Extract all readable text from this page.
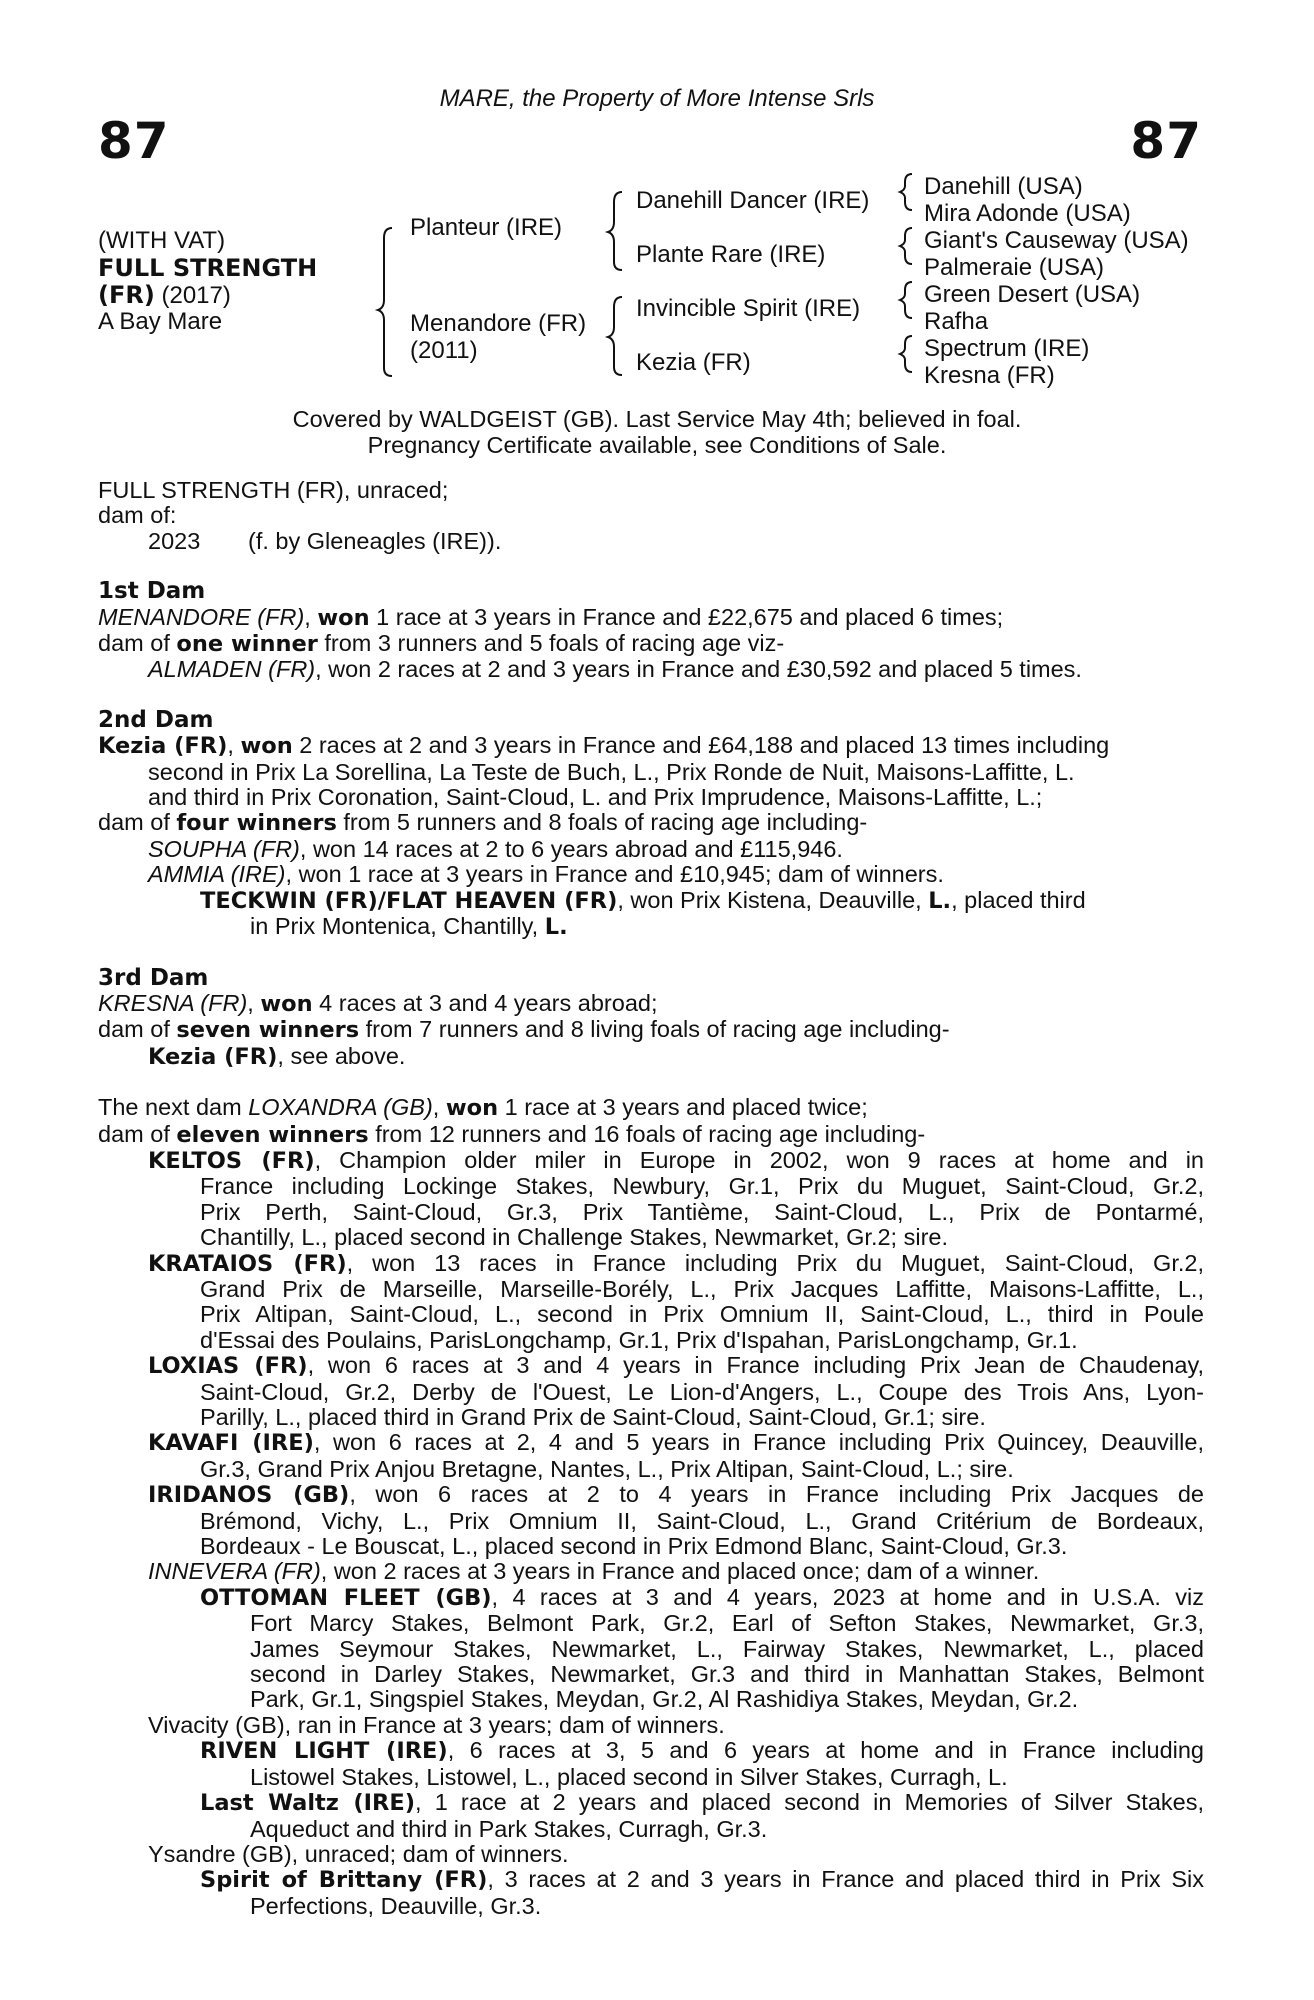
MARE, the Property of More Intense Srls
87	87
(WITH VAT)
FULL STRENGTH
(FR) (2017)
A Bay Mare
Planteur (IRE)
Menandore (FR)
(2011)
Danehill Dancer (IRE)
Plante Rare (IRE)
Invincible Spirit (IRE)
Kezia (FR)
Danehill (USA)
Mira Adonde (USA)
Giant's Causeway (USA)
Palmeraie (USA)
Green Desert (USA)
Rafha
Spectrum (IRE)
Kresna (FR)
Covered by WALDGEIST (GB). Last Service May 4th; believed in foal.
Pregnancy Certificate available, see Conditions of Sale.
FULL STRENGTH (FR), unraced;
dam of:
2023 (f. by Gleneagles (IRE)).
1st Dam
MENANDORE (FR), won 1 race at 3 years in France and £22,675 and placed 6 times;
dam of one winner from 3 runners and 5 foals of racing age viz-
ALMADEN (FR), won 2 races at 2 and 3 years in France and £30,592 and placed 5 times.
2nd Dam
Kezia (FR), won 2 races at 2 and 3 years in France and £64,188 and placed 13 times including
second in Prix La Sorellina, La Teste de Buch, L., Prix Ronde de Nuit, Maisons-Laffitte, L.
and third in Prix Coronation, Saint-Cloud, L. and Prix Imprudence, Maisons-Laffitte, L.;
dam of four winners from 5 runners and 8 foals of racing age including-
SOUPHA (FR), won 14 races at 2 to 6 years abroad and £115,946.
AMMIA (IRE), won 1 race at 3 years in France and £10,945; dam of winners.
TECKWIN (FR)/FLAT HEAVEN (FR), won Prix Kistena, Deauville, L., placed third
in Prix Montenica, Chantilly, L.
3rd Dam
KRESNA (FR), won 4 races at 3 and 4 years abroad;
dam of seven winners from 7 runners and 8 living foals of racing age including-
Kezia (FR), see above.
The next dam LOXANDRA (GB), won 1 race at 3 years and placed twice;
dam of eleven winners from 12 runners and 16 foals of racing age including-
KELTOS (FR), Champion older miler in Europe in 2002, won 9 races at home and in
France including Lockinge Stakes, Newbury, Gr.1, Prix du Muguet, Saint-Cloud, Gr.2,
Prix Perth, Saint-Cloud, Gr.3, Prix Tantième, Saint-Cloud, L., Prix de Pontarmé,
Chantilly, L., placed second in Challenge Stakes, Newmarket, Gr.2; sire.
KRATAIOS (FR), won 13 races in France including Prix du Muguet, Saint-Cloud, Gr.2,
Grand Prix de Marseille, Marseille-Borély, L., Prix Jacques Laffitte, Maisons-Laffitte, L.,
Prix Altipan, Saint-Cloud, L., second in Prix Omnium II, Saint-Cloud, L., third in Poule
d'Essai des Poulains, ParisLongchamp, Gr.1, Prix d'Ispahan, ParisLongchamp, Gr.1.
LOXIAS (FR), won 6 races at 3 and 4 years in France including Prix Jean de Chaudenay,
Saint-Cloud, Gr.2, Derby de l'Ouest, Le Lion-d'Angers, L., Coupe des Trois Ans, Lyon-
Parilly, L., placed third in Grand Prix de Saint-Cloud, Saint-Cloud, Gr.1; sire.
KAVAFI (IRE), won 6 races at 2, 4 and 5 years in France including Prix Quincey, Deauville,
Gr.3, Grand Prix Anjou Bretagne, Nantes, L., Prix Altipan, Saint-Cloud, L.; sire.
IRIDANOS (GB), won 6 races at 2 to 4 years in France including Prix Jacques de
Brémond, Vichy, L., Prix Omnium II, Saint-Cloud, L., Grand Critérium de Bordeaux,
Bordeaux - Le Bouscat, L., placed second in Prix Edmond Blanc, Saint-Cloud, Gr.3.
INNEVERA (FR), won 2 races at 3 years in France and placed once; dam of a winner.
OTTOMAN FLEET (GB), 4 races at 3 and 4 years, 2023 at home and in U.S.A. viz
Fort Marcy Stakes, Belmont Park, Gr.2, Earl of Sefton Stakes, Newmarket, Gr.3,
James Seymour Stakes, Newmarket, L., Fairway Stakes, Newmarket, L., placed
second in Darley Stakes, Newmarket, Gr.3 and third in Manhattan Stakes, Belmont
Park, Gr.1, Singspiel Stakes, Meydan, Gr.2, Al Rashidiya Stakes, Meydan, Gr.2.
Vivacity (GB), ran in France at 3 years; dam of winners.
RIVEN LIGHT (IRE), 6 races at 3, 5 and 6 years at home and in France including
Listowel Stakes, Listowel, L., placed second in Silver Stakes, Curragh, L.
Last Waltz (IRE), 1 race at 2 years and placed second in Memories of Silver Stakes,
Aqueduct and third in Park Stakes, Curragh, Gr.3.
Ysandre (GB), unraced; dam of winners.
Spirit of Brittany (FR), 3 races at 2 and 3 years in France and placed third in Prix Six
Perfections, Deauville, Gr.3.
